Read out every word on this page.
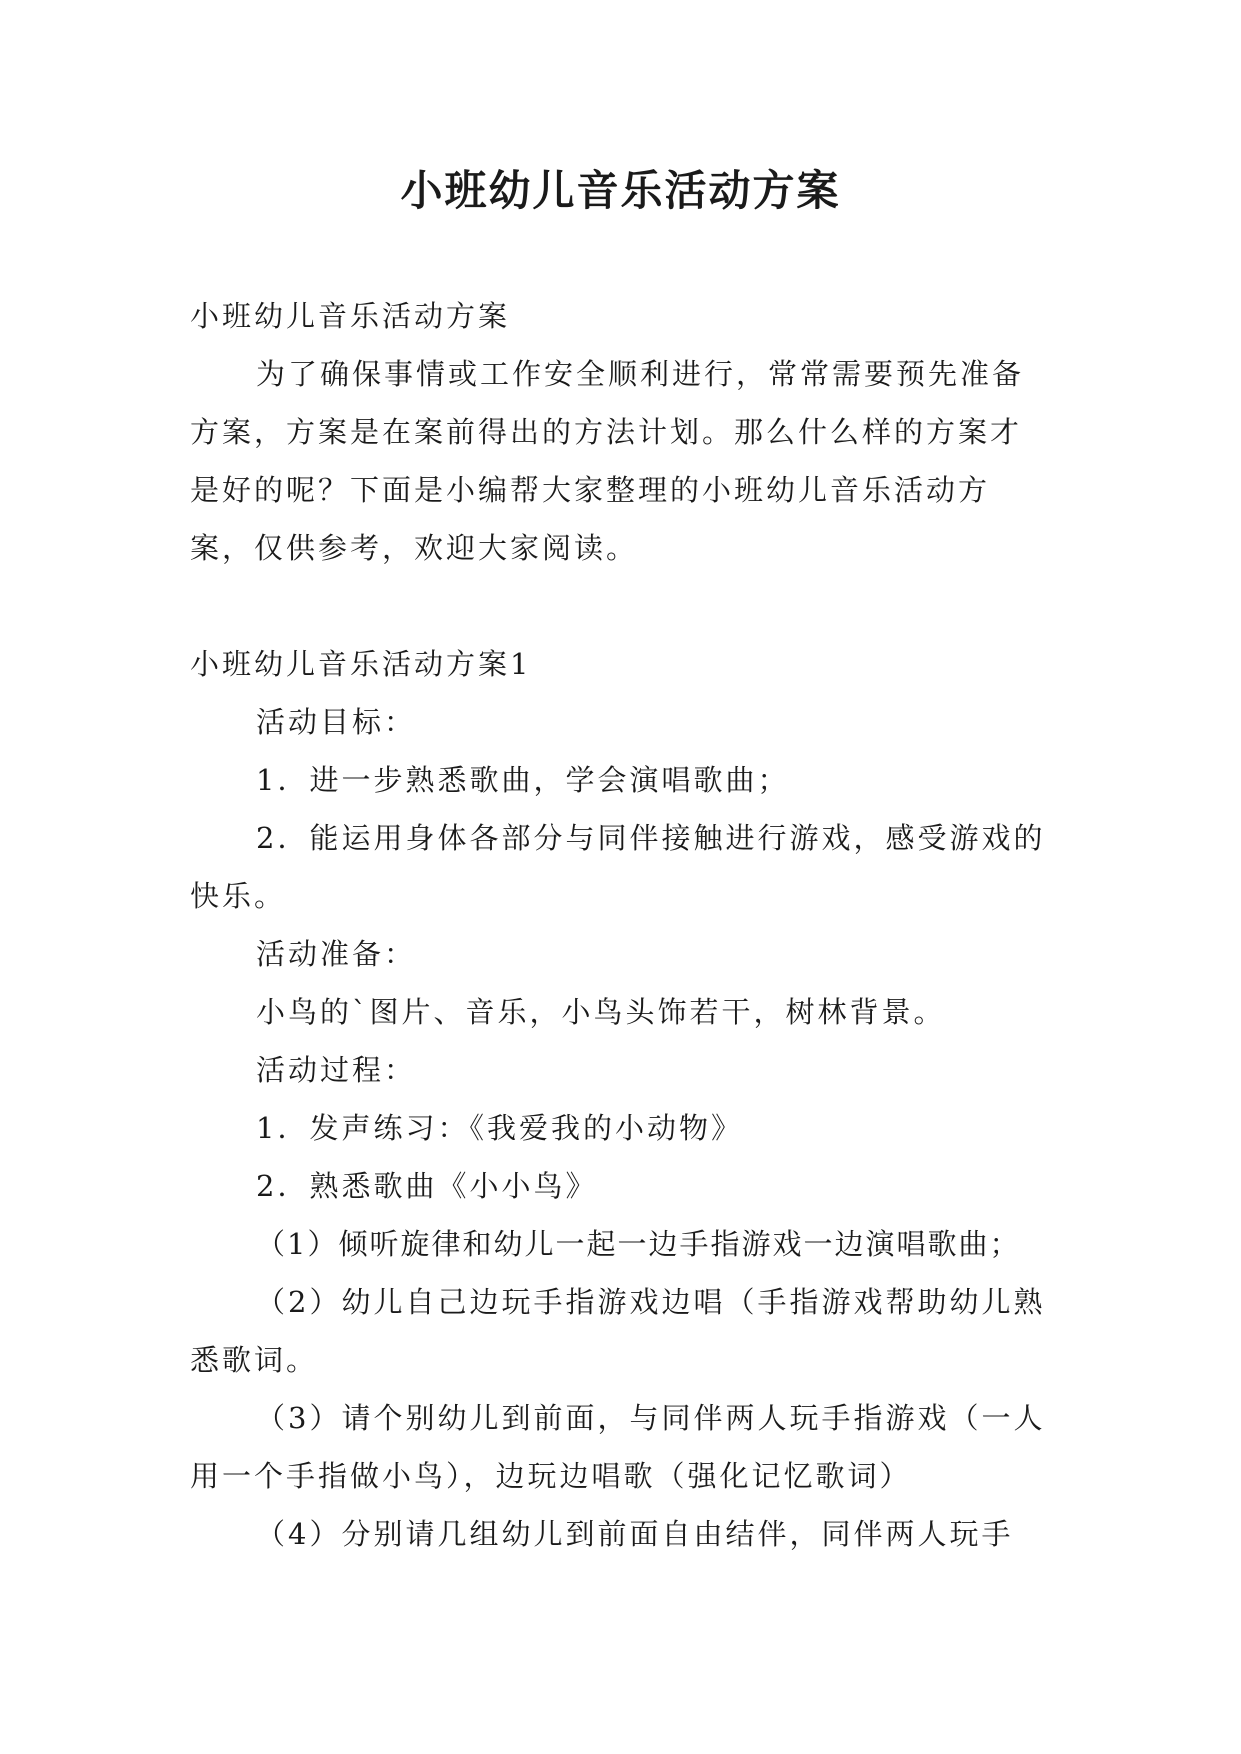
小班幼儿音乐活动方案

小班幼儿音乐活动方案

为了确保事情或工作安全顺利进行，常常需要预先准备方案，方案是在案前得出的方法计划。那么什么样的方案才是好的呢？下面是小编帮大家整理的小班幼儿音乐活动方案，仅供参考，欢迎大家阅读。

小班幼儿音乐活动方案1

活动目标：

1．进一步熟悉歌曲，学会演唱歌曲；

2．能运用身体各部分与同伴接触进行游戏，感受游戏的快乐。

活动准备：

小鸟的`图片、音乐，小鸟头饰若干，树林背景。

活动过程：

1．发声练习：《我爱我的小动物》

2．熟悉歌曲《小小鸟》

（1）倾听旋律和幼儿一起一边手指游戏一边演唱歌曲；

（2）幼儿自己边玩手指游戏边唱（手指游戏帮助幼儿熟悉歌词。

（3）请个别幼儿到前面，与同伴两人玩手指游戏（一人用一个手指做小鸟），边玩边唱歌（强化记忆歌词）

（4）分别请几组幼儿到前面自由结伴，同伴两人玩手
